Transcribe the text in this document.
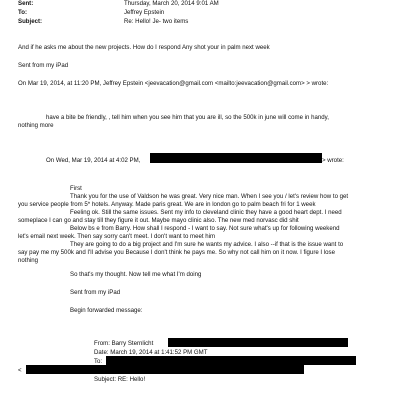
Sent:	Thursday, March 20, 2014 9:01 AM
To:	Jeffrey Epstein
Subject:	Re: Hello! Je- two items
And if he asks me about the new projects. How do I respond Any shot your in palm next week
Sent from my iPad
On Mar 19, 2014, at 11:20 PM, Jeffrey Epstein <jeevacation@gmail.com <mailto:jeevacation@gmail.com> > wrote:
have a bite be friendly, , tell him when you see him that you are ill, so the 500k in june will come in handy,
nothing more
On Wed, Mar 19, 2014 at 4:02 PM,	> wrote:
First
Thank you for the use of Valdson he was great. Very nice man. When I see you / let's review how to get
you service people from 5* hotels. Anyway. Made paris great. We are in london go to palm beach fri for 1 week
Feeling ok. Still the same issues. Sent my info to cleveland clinic they have a good heart dept. I need
someplace I can go and stay till they figure it out. Maybe mayo clinic also. The new med norvasc did shit
Below bs e from Barry. How shall I respond - I want to say. Not sure what's up for following weekend
let's email next week. Then say sorry can't meet. I don't want to meet him
They are going to do a big project and I'm sure he wants my advice. I also --if that is the issue want to
say pay me my 500k and I'll advise you Because I don't think he pays me. So why not call him on it now. I figure I lose
nothing
So that's my thought. Now tell me what I'm doing
Sent from my iPad
Begin forwarded message:
From: Barry Sternlicht
Date: March 19, 2014 at 1:41:52 PM GMT
To:
<
Subject: RE: Hello!
